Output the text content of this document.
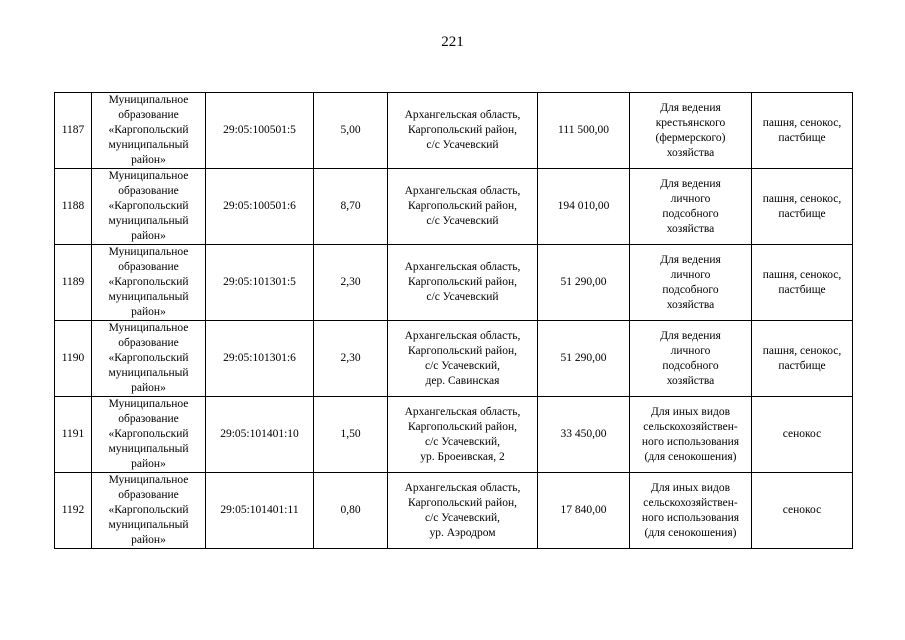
221
1187	Муниципальное
образование
«Каргопольский
муниципальный
район»	29:05:100501:5	5,00	Архангельская область,
Каргопольский район,
с/с Усачевский	111 500,00	Для ведения
крестьянского
(фермерского)
хозяйства	пашня, сенокос,
пастбище

1188	Муниципальное
образование
«Каргопольский
муниципальный
район»	29:05:100501:6	8,70	Архангельская область,
Каргопольский район,
с/с Усачевский	194 010,00	Для ведения
личного
подсобного
хозяйства	пашня, сенокос,
пастбище

1189	Муниципальное
образование
«Каргопольский
муниципальный
район»	29:05:101301:5	2,30	Архангельская область,
Каргопольский район,
с/с Усачевский	51 290,00	Для ведения
личного
подсобного
хозяйства	пашня, сенокос,
пастбище

1190	Муниципальное
образование
«Каргопольский
муниципальный
район»	29:05:101301:6	2,30	Архангельская область,
Каргопольский район,
с/с Усачевский,
дер. Савинская	51 290,00	Для ведения
личного
подсобного
хозяйства	пашня, сенокос,
пастбище

1191	Муниципальное
образование
«Каргопольский
муниципальный
район»	29:05:101401:10	1,50	Архангельская область,
Каргопольский район,
с/с Усачевский,
ур. Броеивская, 2	33 450,00	Для иных видов
сельскохозяйствен-
ного использования
(для сенокошения)	сенокос

1192	Муниципальное
образование
«Каргопольский
муниципальный
район»	29:05:101401:11	0,80	Архангельская область,
Каргопольский район,
с/с Усачевский,
ур. Аэродром	17 840,00	Для иных видов
сельскохозяйствен-
ного использования
(для сенокошения)	сенокос
